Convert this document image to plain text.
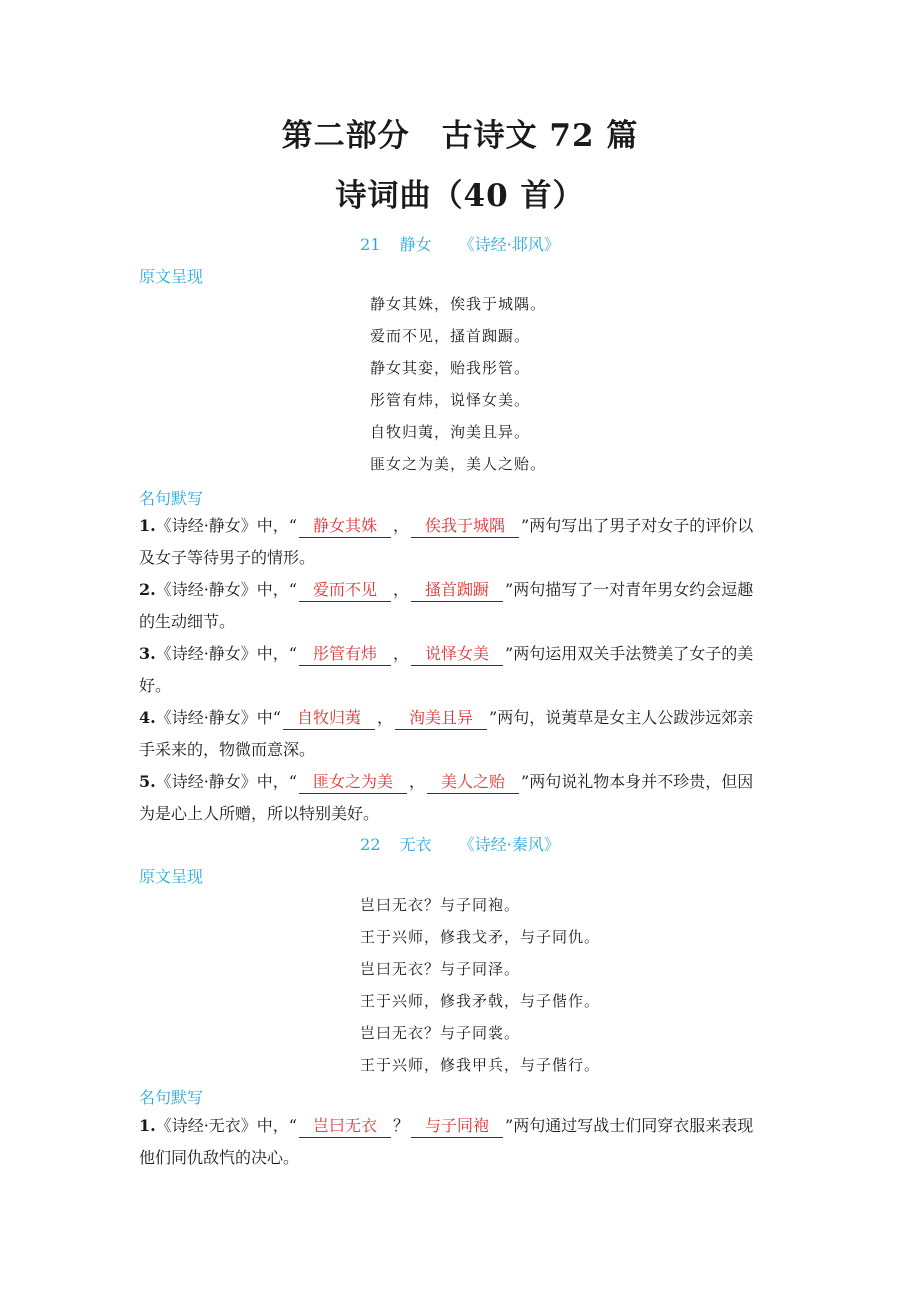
第二部分　古诗文 72 篇
诗词曲（40 首）
21 静女 《诗经·邶风》
原文呈现
静女其姝，俟我于城隅。
爱而不见，搔首踟蹰。
静女其娈，贻我彤管。
彤管有炜，说怿女美。
自牧归荑，洵美且异。
匪女之为美，美人之贻。
名句默写
1.《诗经·静女》中，“ 静女其姝 ， 俟我于城隅 ”两句写出了男子对女子的评价以
及女子等待男子的情形。
2.《诗经·静女》中，“ 爱而不见 ， 搔首踟蹰 ”两句描写了一对青年男女约会逗趣
的生动细节。
3.《诗经·静女》中，“ 彤管有炜 ， 说怿女美 ”两句运用双关手法赞美了女子的美
好。
4.《诗经·静女》中“ 自牧归荑 ， 洵美且异 ”两句，说荑草是女主人公跋涉远郊亲
手采来的，物微而意深。
5.《诗经·静女》中，“ 匪女之为美 ， 美人之贻 ”两句说礼物本身并不珍贵，但因
为是心上人所赠，所以特别美好。
22 无衣 《诗经·秦风》
原文呈现
岂曰无衣？与子同袍。
王于兴师，修我戈矛，与子同仇。
岂曰无衣？与子同泽。
王于兴师，修我矛戟，与子偕作。
岂曰无衣？与子同裳。
王于兴师，修我甲兵，与子偕行。
名句默写
1.《诗经·无衣》中，“ 岂曰无衣 ？ 与子同袍 ”两句通过写战士们同穿衣服来表现
他们同仇敌忾的决心。
